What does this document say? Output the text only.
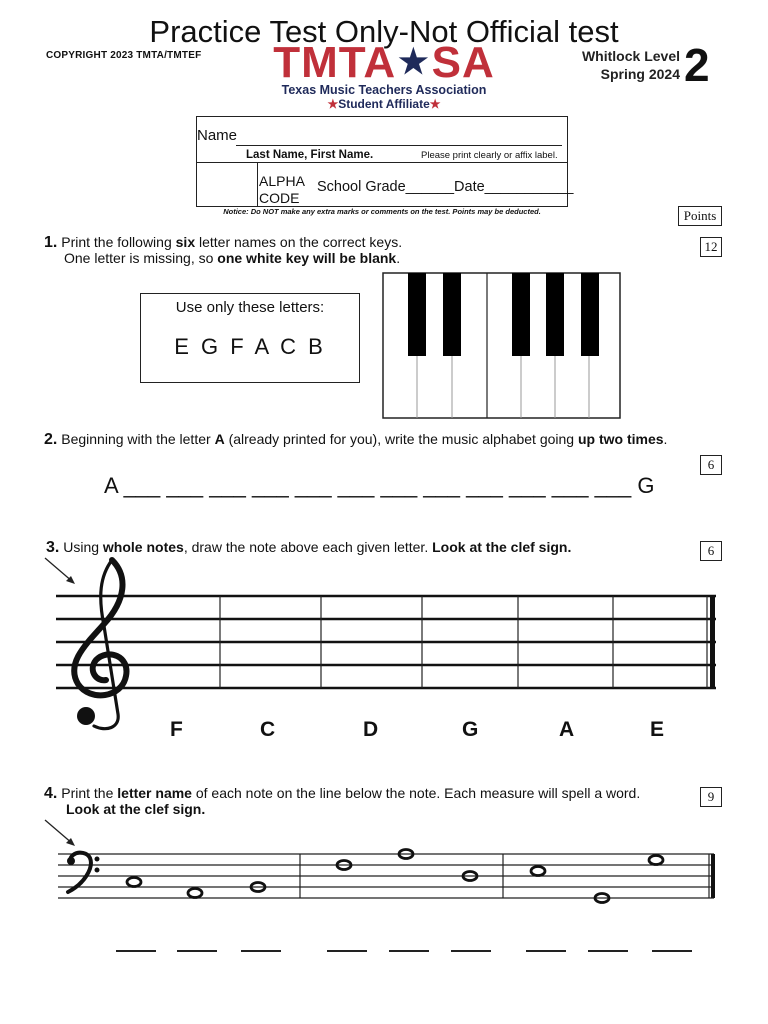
Practice Test Only-Not Official test
COPYRIGHT 2023 TMTA/TMTEF TMTA★SA
Texas Music Teachers Association
★Student Affiliate★
Whitlock Level
Spring 2024 2
Name
Last Name, First Name.	Please print clearly or affix label.
ALPHA
CODE
School Grade______Date___________
Notice: Do NOT make any extra marks or comments on the test. Points may be deducted.	Points
1. Print the following six letter names on the correct keys.
One letter is missing, so one white key will be blank.
12
Use only these letters:
E G F A C B
2. Beginning with the letter A (already printed for you), write the music alphabet going up two times.
6
A ___ ___ ___ ___ ___ ___ ___ ___ ___ ___ ___ ___ G
3. Using whole notes, draw the note above each given letter. Look at the clef sign.	6
F	C	D	G	A	E
4. Print the letter name of each note on the line below the note. Each measure will spell a word.
Look at the clef sign.
9
